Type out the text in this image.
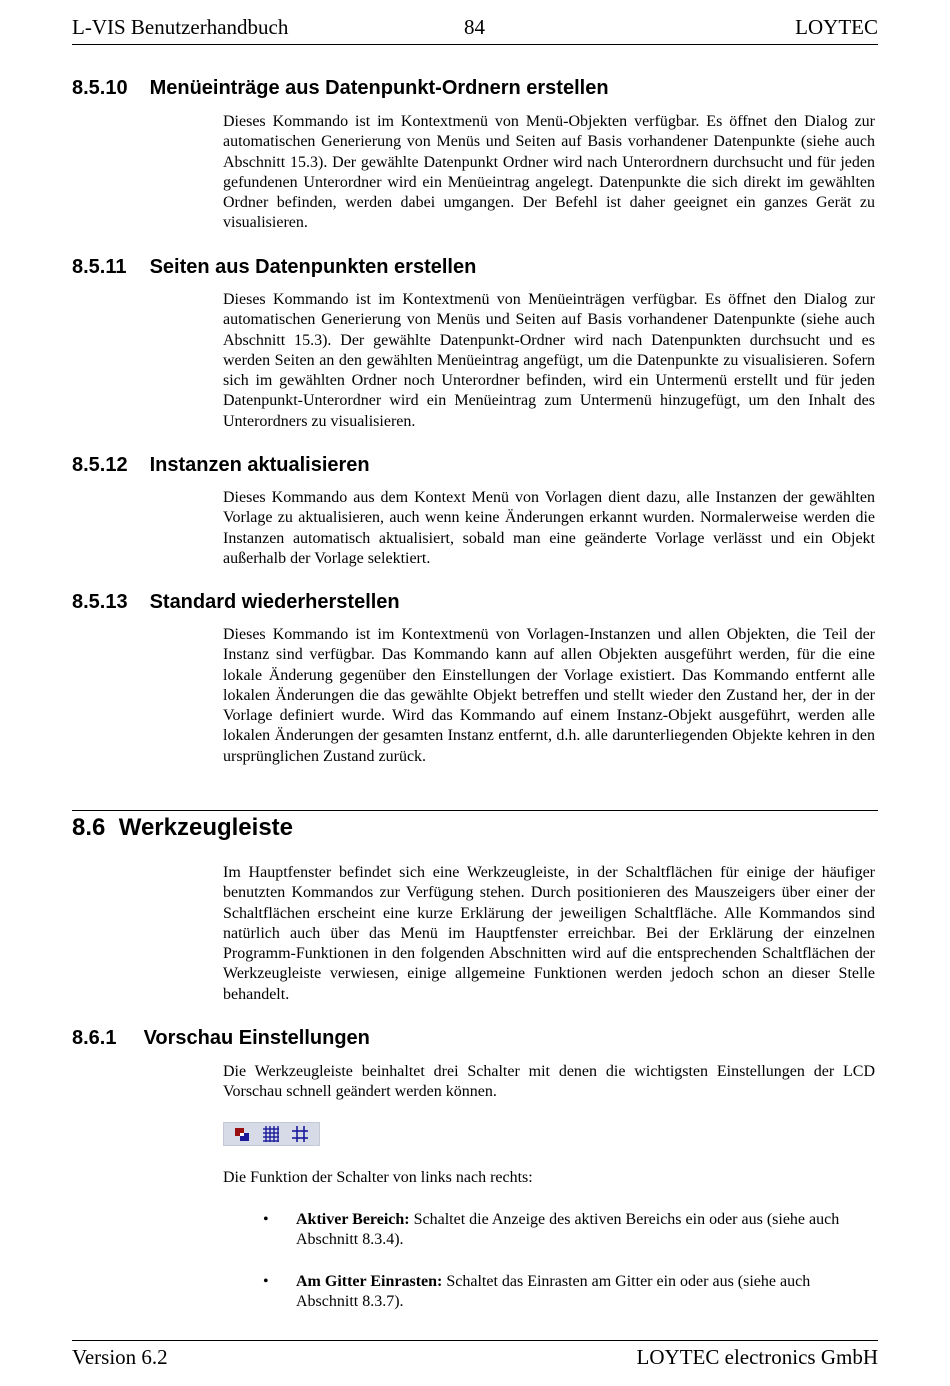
L-VIS Benutzerhandbuch	84	LOYTEC
8.5.10 Menüeinträge aus Datenpunkt-Ordnern erstellen

Dieses Kommando ist im Kontextmenü von Menü-Objekten verfügbar. Es öffnet den Dialog zur automatischen Generierung von Menüs und Seiten auf Basis vorhandener Datenpunkte (siehe auch Abschnitt 15.3). Der gewählte Datenpunkt Ordner wird nach Unterordnern durchsucht und für jeden gefundenen Unterordner wird ein Menüeintrag angelegt. Datenpunkte die sich direkt im gewählten Ordner befinden, werden dabei umgangen. Der Befehl ist daher geeignet ein ganzes Gerät zu visualisieren.

8.5.11 Seiten aus Datenpunkten erstellen

Dieses Kommando ist im Kontextmenü von Menüeinträgen verfügbar. Es öffnet den Dialog zur automatischen Generierung von Menüs und Seiten auf Basis vorhandener Datenpunkte (siehe auch Abschnitt 15.3). Der gewählte Datenpunkt-Ordner wird nach Datenpunkten durchsucht und es werden Seiten an den gewählten Menüeintrag angefügt, um die Datenpunkte zu visualisieren. Sofern sich im gewählten Ordner noch Unterordner befinden, wird ein Untermenü erstellt und für jeden Datenpunkt-Unterordner wird ein Menüeintrag zum Untermenü hinzugefügt, um den Inhalt des Unterordners zu visualisieren.

8.5.12 Instanzen aktualisieren

Dieses Kommando aus dem Kontext Menü von Vorlagen dient dazu, alle Instanzen der gewählten Vorlage zu aktualisieren, auch wenn keine Änderungen erkannt wurden. Normalerweise werden die Instanzen automatisch aktualisiert, sobald man eine geänderte Vorlage verlässt und ein Objekt außerhalb der Vorlage selektiert.

8.5.13 Standard wiederherstellen

Dieses Kommando ist im Kontextmenü von Vorlagen-Instanzen und allen Objekten, die Teil der Instanz sind verfügbar. Das Kommando kann auf allen Objekten ausgeführt werden, für die eine lokale Änderung gegenüber den Einstellungen der Vorlage existiert. Das Kommando entfernt alle lokalen Änderungen die das gewählte Objekt betreffen und stellt wieder den Zustand her, der in der Vorlage definiert wurde. Wird das Kommando auf einem Instanz-Objekt ausgeführt, werden alle lokalen Änderungen der gesamten Instanz entfernt, d.h. alle darunterliegenden Objekte kehren in den ursprünglichen Zustand zurück.

8.6 Werkzeugleiste

Im Hauptfenster befindet sich eine Werkzeugleiste, in der Schaltflächen für einige der häufiger benutzten Kommandos zur Verfügung stehen. Durch positionieren des Mauszeigers über einer der Schaltflächen erscheint eine kurze Erklärung der jeweiligen Schaltfläche. Alle Kommandos sind natürlich auch über das Menü im Hauptfenster erreichbar. Bei der Erklärung der einzelnen Programm-Funktionen in den folgenden Abschnitten wird auf die entsprechenden Schaltflächen der Werkzeugleiste verwiesen, einige allgemeine Funktionen werden jedoch schon an dieser Stelle behandelt.

8.6.1 Vorschau Einstellungen

Die Werkzeugleiste beinhaltet drei Schalter mit denen die wichtigsten Einstellungen der LCD Vorschau schnell geändert werden können.

Die Funktion der Schalter von links nach rechts:

• Aktiver Bereich: Schaltet die Anzeige des aktiven Bereichs ein oder aus (siehe auch Abschnitt 8.3.4).
• Am Gitter Einrasten: Schaltet das Einrasten am Gitter ein oder aus (siehe auch Abschnitt 8.3.7).
Version 6.2	LOYTEC electronics GmbH
